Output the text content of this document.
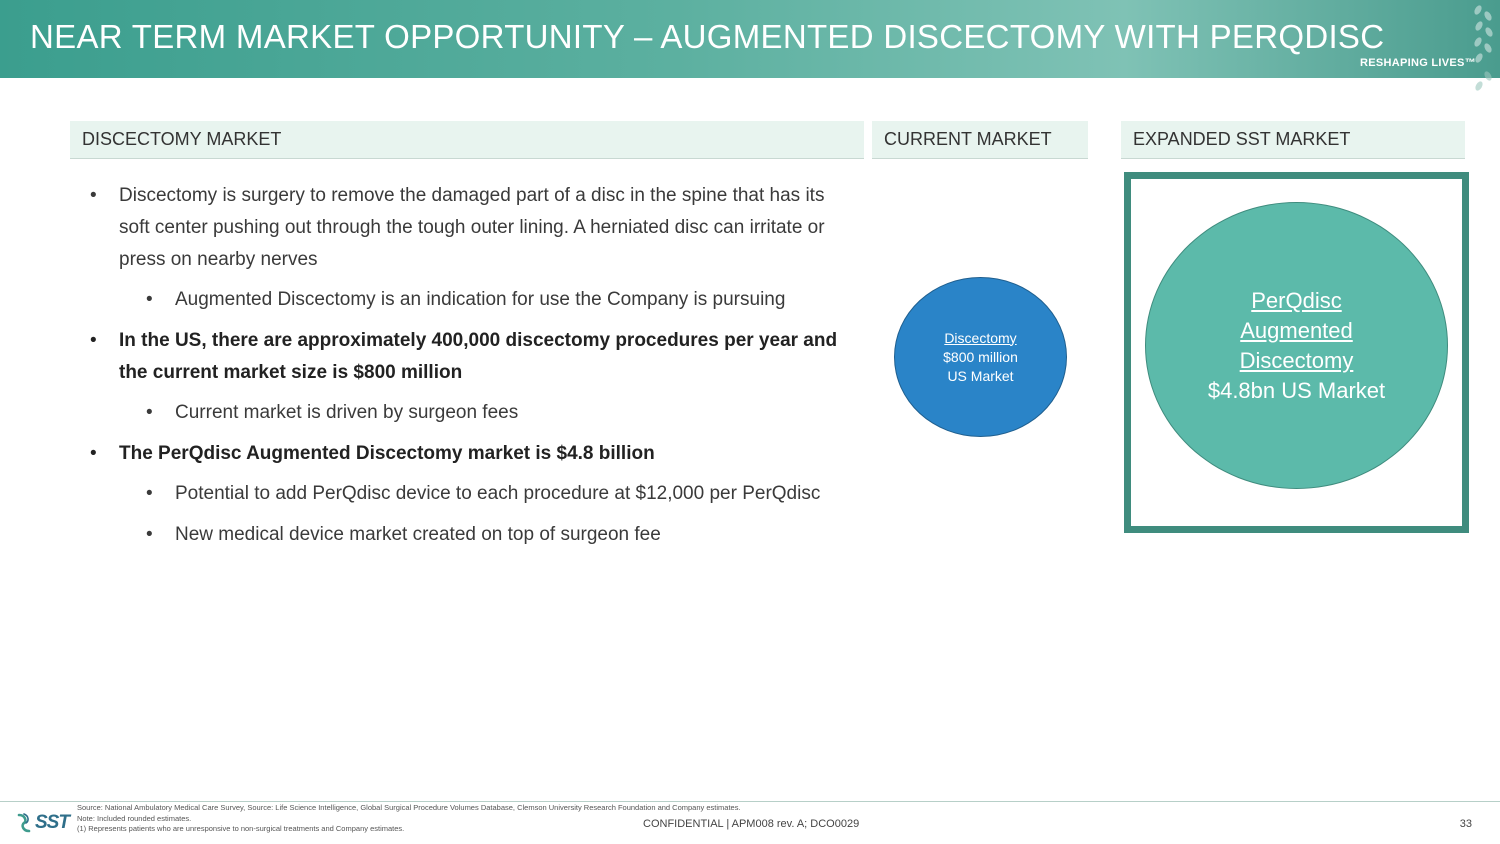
NEAR TERM MARKET OPPORTUNITY – AUGMENTED DISCECTOMY WITH PERQDISC
RESHAPING LIVES™
DISCECTOMY MARKET	CURRENT MARKET	EXPANDED SST MARKET
• Discectomy is surgery to remove the damaged part of a disc in the spine that has its soft center pushing out through the tough outer lining. A herniated disc can irritate or press on nearby nerves
• Augmented Discectomy is an indication for use the Company is pursuing
• In the US, there are approximately 400,000 discectomy procedures per year and the current market size is $800 million
• Current market is driven by surgeon fees
• The PerQdisc Augmented Discectomy market is $4.8 billion
• Potential to add PerQdisc device to each procedure at $12,000 per PerQdisc
• New medical device market created on top of surgeon fee
Discectomy
$800 million
US Market
PerQdisc
Augmented
Discectomy
$4.8bn US Market
SST
Source: National Ambulatory Medical Care Survey, Source: Life Science Intelligence, Global Surgical Procedure Volumes Database, Clemson University Research Foundation and Company estimates.
Note: Included rounded estimates.
(1) Represents patients who are unresponsive to non-surgical treatments and Company estimates.	CONFIDENTIAL | APM008 rev. A; DCO0029	33
